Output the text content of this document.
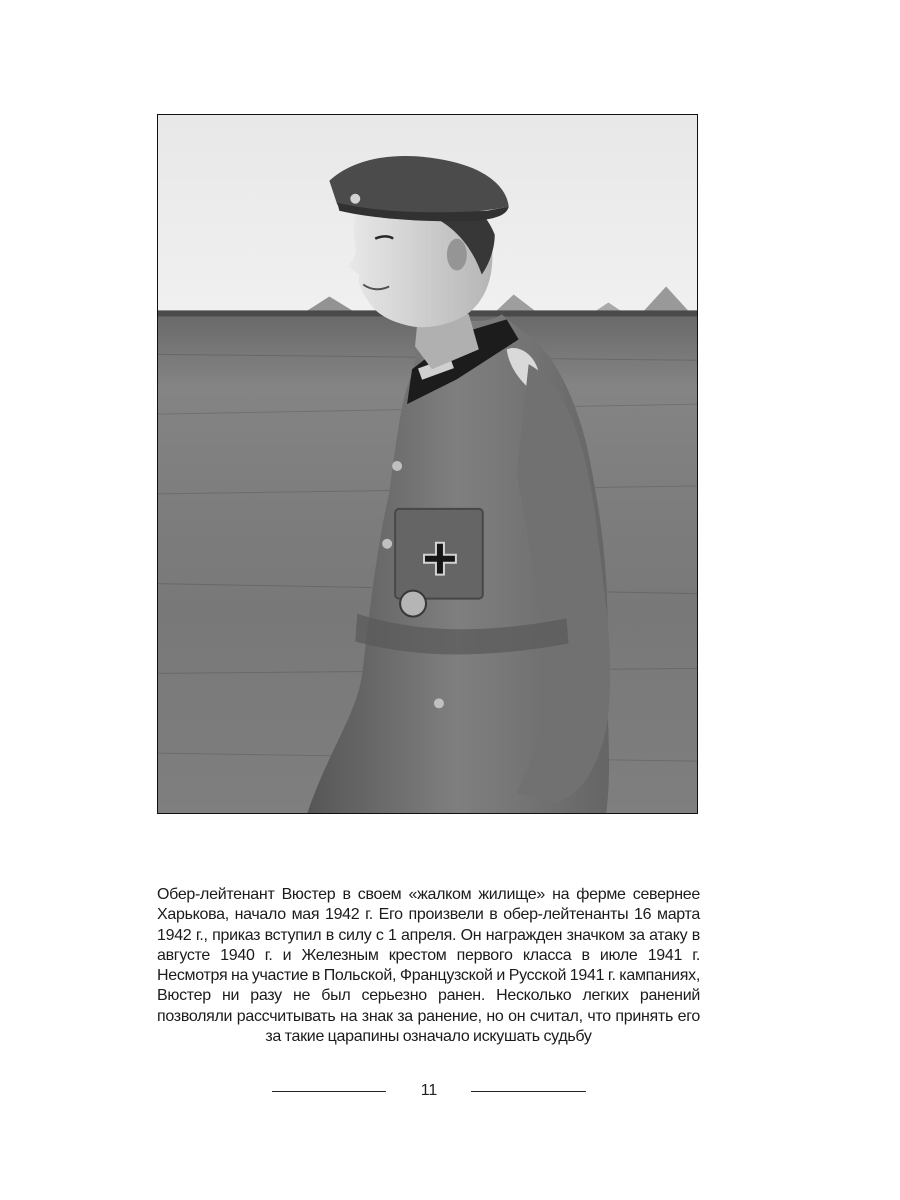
Обер-лейтенант Вюстер в своем «жалком жилище» на ферме севернее Харькова, начало мая 1942 г. Его произвели в обер-лейтенанты 16 марта 1942 г., приказ вступил в силу с 1 апреля. Он награжден значком за атаку в августе 1940 г. и Железным крестом первого класса в июле 1941 г. Несмотря на участие в Польской, Французской и Русской 1941 г. кампаниях, Вюстер ни разу не был серьезно ранен. Несколько легких ранений позволяли рассчитывать на знак за ранение, но он считал, что принять его за такие царапины означало искушать судьбу

11
